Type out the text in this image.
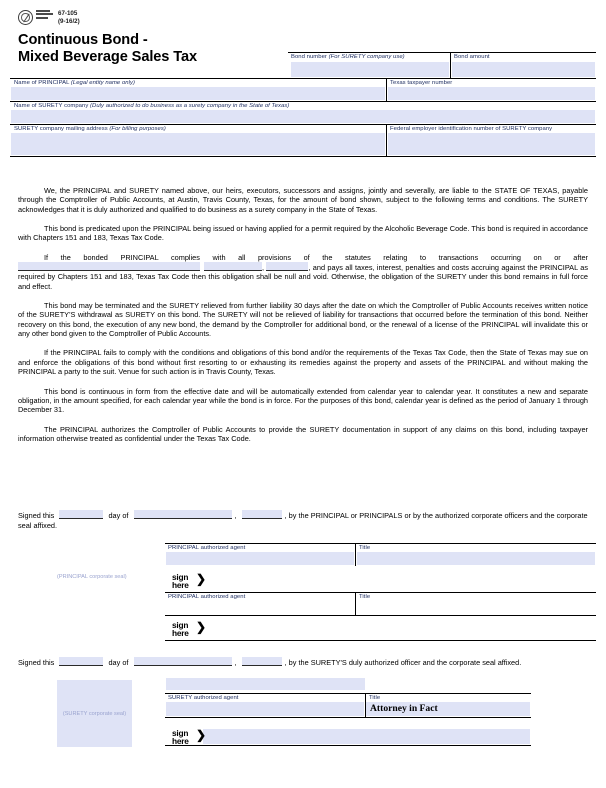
67-105
(9-16/2)
Continuous Bond -
Mixed Beverage Sales Tax	Bond number (For SURETY company use)	Bond amount
Name of PRINCIPAL (Legal entity name only)	Texas taxpayer number
Name of SURETY company (Duly authorized to do business as a surety company in the State of Texas)
SURETY company mailing address (For billing purposes)	Federal employer identification number of SURETY company

We, the PRINCIPAL and SURETY named above, our heirs, executors, successors and assigns, jointly and severally, are liable to the STATE OF TEXAS, payable through the Comptroller of Public Accounts, at Austin, Travis County, Texas, for the amount of bond shown, subject to the following terms and conditions. The SURETY acknowledges that it is duly authorized and qualified to do business as a surety company in the State of Texas.

This bond is predicated upon the PRINCIPAL being issued or having applied for a permit required by the Alcoholic Beverage Code. This bond is required in accordance with Chapters 151 and 183, Texas Tax Code.

If the bonded PRINCIPAL complies with all provisions of the statutes relating to transactions occurring on or after ,	, and pays all taxes, interest, penalties and costs accruing against the PRINCIPAL as required by Chapters 151 and 183, Texas Tax Code then this obligation shall be null and void. Otherwise, the obligation of the SURETY under this bond remains in full force and effect.

This bond may be terminated and the SURETY relieved from further liability 30 days after the date on which the Comptroller of Public Accounts receives written notice of the SURETY'S withdrawal as SURETY on this bond. The SURETY will not be relieved of liability for transactions that occurred before the termination of this bond. Neither recovery on this bond, the execution of any new bond, the demand by the Comptroller for additional bond, or the renewal of a license of the PRINCIPAL will invalidate this or any other bond given to the Comptroller of Public Accounts.

If the PRINCIPAL fails to comply with the conditions and obligations of this bond and/or the requirements of the Texas Tax Code, then the State of Texas may sue on and enforce the obligations of this bond without first resorting to or exhausting its remedies against the property and assets of the PRINCIPAL and without making the PRINCIPAL a party to the suit. Venue for such action is in Travis County, Texas.

This bond is continuous in form from the effective date and will be automatically extended from calendar year to calendar year. It constitutes a new and separate obligation, in the amount specified, for each calendar year while the bond is in force. For the purposes of this bond, calendar year is defined as the period of January 1 through December 31.

The PRINCIPAL authorizes the Comptroller of Public Accounts to provide the SURETY documentation in support of any claims on this bond, including taxpayer information otherwise treated as confidential under the Texas Tax Code.

Signed this	day of	,	, by the PRINCIPAL or PRINCIPALS or by the authorized corporate officers and the corporate seal affixed.
(PRINCIPAL corporate seal)
PRINCIPAL authorized agent	Title
sign
here ❯
PRINCIPAL authorized agent	Title
sign
here ❯
Signed this	day of	,	, by the SURETY'S duly authorized officer and the corporate seal affixed.
(SURETY corporate seal)
SURETY authorized agent	Title
Attorney in Fact
sign
here ❯
